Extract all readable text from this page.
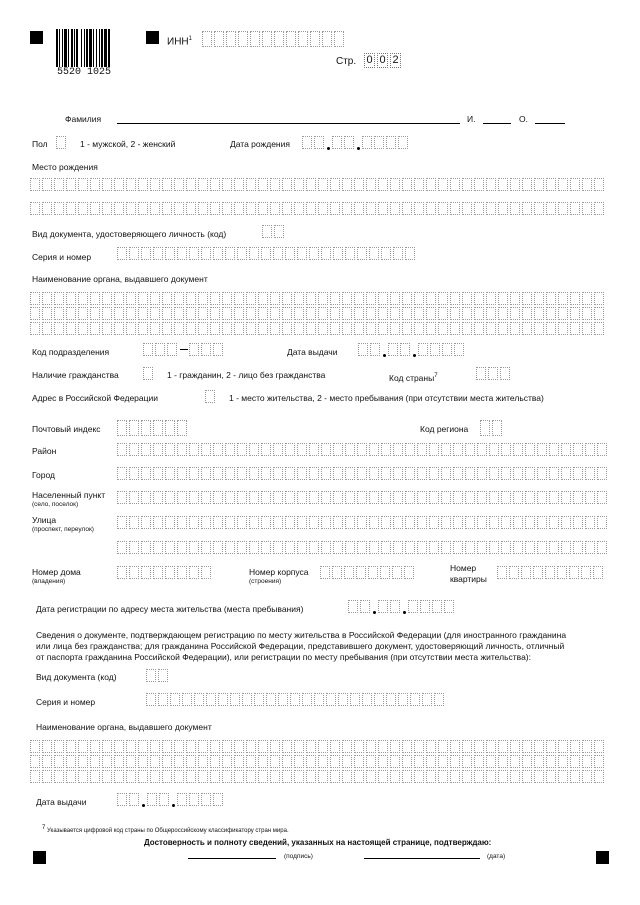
5520 1025
ИНН$^1$
Стр. 0 0 2
Фамилия	И.	О.
Пол	1 - мужской, 2 - женский	Дата рождения
Место рождения
Вид документа, удостоверяющего личность (код)
Серия и номер
Наименование органа, выдавшего документ
Код подразделения	Дата выдачи
Наличие гражданства	1 - гражданин, 2 - лицо без гражданства	Код страны$^7$
Адрес в Российской Федерации	1 - место жительства, 2 - место пребывания (при отсутствии места жительства)
Почтовый индекс	Код региона
Район
Город
Населенный пункт
(село, поселок)
Улица
(проспект, переулок)
Номер дома
(владения)
Номер корпуса
(строения)
Номер
квартиры
Дата регистрации по адресу места жительства (места пребывания)
Сведения о документе, подтверждающем регистрацию по месту жительства в Российской Федерации (для иностранного гражданина
или лица без гражданства; для гражданина Российской Федерации, представившего документ, удостоверяющий личность, отличный
от паспорта гражданина Российской Федерации), или регистрации по месту пребывания (при отсутствии места жительства):
Вид документа (код)
Серия и номер
Наименование органа, выдавшего документ
Дата выдачи
$^7$ Указывается цифровой код страны по Общероссийскому классификатору стран мира.
Достоверность и полноту сведений, указанных на настоящей странице, подтверждаю:
(подпись)	(дата)
